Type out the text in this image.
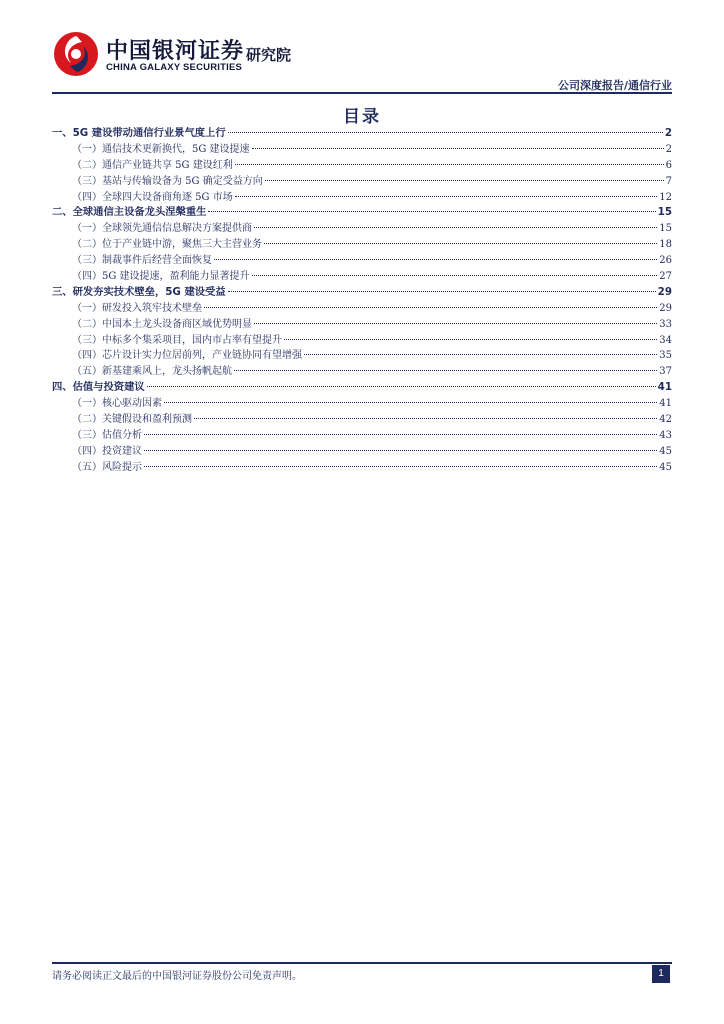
中国银河证券
CHINA GALAXY SECURITIES
研究院
公司深度报告/通信行业
目录
一、5G 建设带动通信行业景气度上行	2
（一）通信技术更新换代，5G 建设提速	2
（二）通信产业链共享 5G 建设红利	6
（三）基站与传输设备为 5G 确定受益方向	7
（四）全球四大设备商角逐 5G 市场	12
二、全球通信主设备龙头涅槃重生	15
（一）全球领先通信信息解决方案提供商	15
（二）位于产业链中游，聚焦三大主营业务	18
（三）制裁事件后经营全面恢复	26
（四）5G 建设提速，盈利能力显著提升	27
三、研发夯实技术壁垒，5G 建设受益	29
（一）研发投入筑牢技术壁垒	29
（二）中国本土龙头设备商区域优势明显	33
（三）中标多个集采项目，国内市占率有望提升	34
（四）芯片设计实力位居前列，产业链协同有望增强	35
（五）新基建乘风上，龙头扬帆起航	37
四、估值与投资建议	41
（一）核心驱动因素	41
（二）关键假设和盈利预测	42
（三）估值分析	43
（四）投资建议	45
（五）风险提示	45
请务必阅读正文最后的中国银河证券股份公司免责声明。	1
